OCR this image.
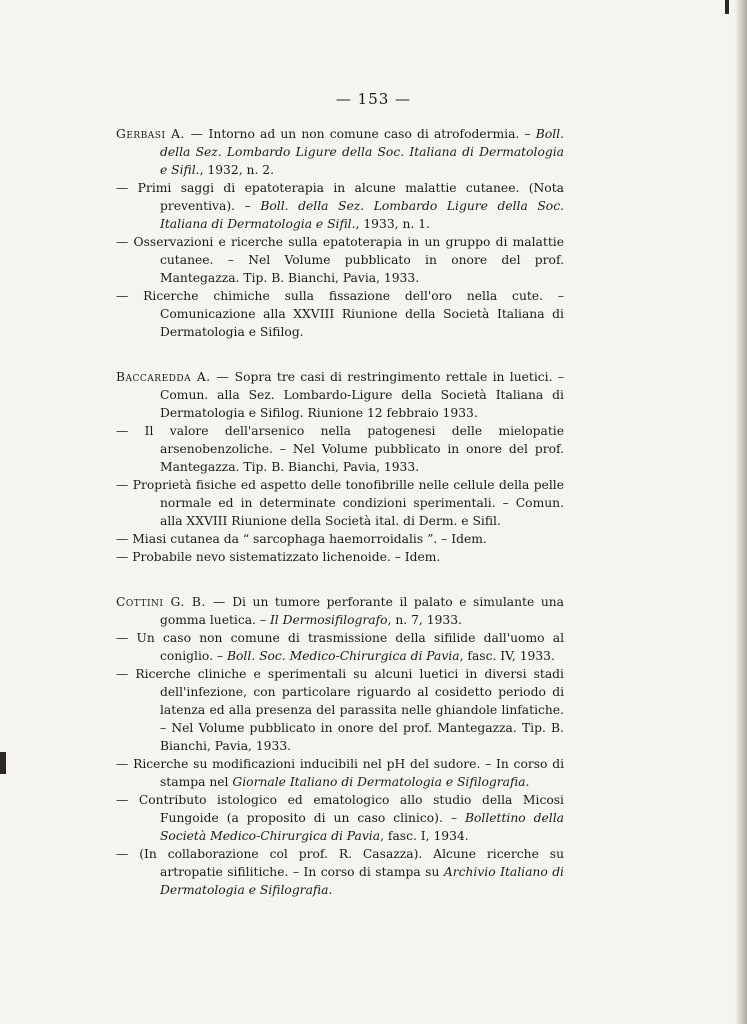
— 153 —

Gerbasi A. — Intorno ad un non comune caso di atrofodermia. – Boll. della Sez. Lombardo Ligure della Soc. Italiana di Dermatologia e Sifil., 1932, n. 2.

— Primi saggi di epatoterapia in alcune malattie cutanee. (Nota preventiva). – Boll. della Sez. Lombardo Ligure della Soc. Italiana di Dermatologia e Sifil., 1933, n. 1.

— Osservazioni e ricerche sulla epatoterapia in un gruppo di malattie cutanee. – Nel Volume pubblicato in onore del prof. Mantegazza. Tip. B. Bianchi, Pavia, 1933.

— Ricerche chimiche sulla fissazione dell'oro nella cute. – Comunicazione alla XXVIII Riunione della Società Italiana di Dermatologia e Sifilog.

Baccaredda A. — Sopra tre casi di restringimento rettale in luetici. – Comun. alla Sez. Lombardo-Ligure della Società Italiana di Dermatologia e Sifilog. Riunione 12 febbraio 1933.

— Il valore dell'arsenico nella patogenesi delle mielopatie arsenobenzoliche. – Nel Volume pubblicato in onore del prof. Mantegazza. Tip. B. Bianchi, Pavia, 1933.

— Proprietà fisiche ed aspetto delle tonofibrille nelle cellule della pelle normale ed in determinate condizioni sperimentali. – Comun. alla XXVIII Riunione della Società ital. di Derm. e Sifil.

— Miasi cutanea da “ sarcophaga haemorroidalis ”. – Idem.

— Probabile nevo sistematizzato lichenoide. – Idem.

Cottini G. B. — Di un tumore perforante il palato e simulante una gomma luetica. – Il Dermosifilografo, n. 7, 1933.

— Un caso non comune di trasmissione della sifilide dall'uomo al coniglio. – Boll. Soc. Medico-Chirurgica di Pavia, fasc. IV, 1933.

— Ricerche cliniche e sperimentali su alcuni luetici in diversi stadi dell'infezione, con particolare riguardo al cosidetto periodo di latenza ed alla presenza del parassita nelle ghiandole linfatiche. – Nel Volume pubblicato in onore del prof. Mantegazza. Tip. B. Bianchi, Pavia, 1933.

— Ricerche su modificazioni inducibili nel pH del sudore. – In corso di stampa nel Giornale Italiano di Dermatologia e Sifilografia.

— Contributo istologico ed ematologico allo studio della Micosi Fungoide (a proposito di un caso clinico). – Bollettino della Società Medico-Chirurgica di Pavia, fasc. I, 1934.

— (In collaborazione col prof. R. Casazza). Alcune ricerche su artropatie sifilitiche. – In corso di stampa su Archivio Italiano di Dermatologia e Sifilografia.
